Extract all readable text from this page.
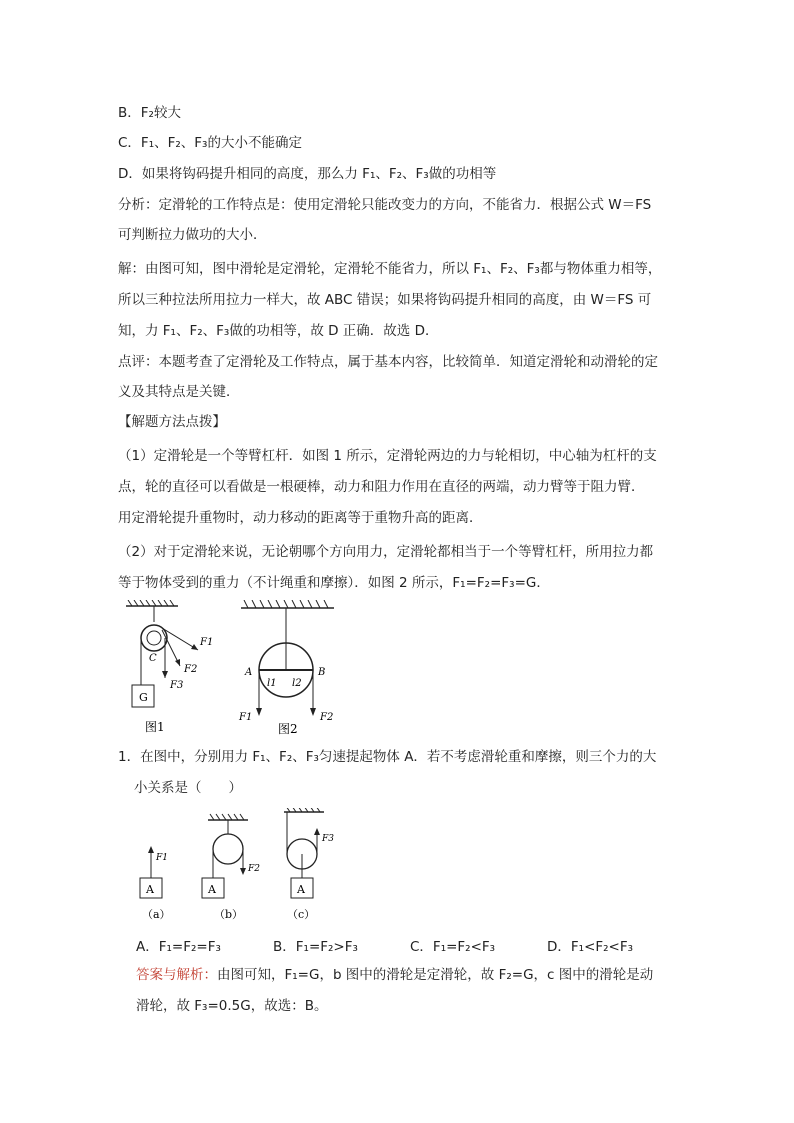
B．F₂较大
C．F₁、F₂、F₃的大小不能确定
D．如果将钩码提升相同的高度，那么力 F₁、F₂、F₃做的功相等
分析：定滑轮的工作特点是：使用定滑轮只能改变力的方向，不能省力．根据公式 W＝FS
可判断拉力做功的大小．
解：由图可知，图中滑轮是定滑轮，定滑轮不能省力，所以 F₁、F₂、F₃都与物体重力相等，
所以三种拉法所用拉力一样大，故 ABC 错误；如果将钩码提升相同的高度，由 W＝FS 可
知，力 F₁、F₂、F₃做的功相等，故 D 正确．故选 D．
点评：本题考查了定滑轮及工作特点，属于基本内容，比较简单．知道定滑轮和动滑轮的定
义及其特点是关键．
【解题方法点拨】
（1）定滑轮是一个等臂杠杆．如图 1 所示，定滑轮两边的力与轮相切，中心轴为杠杆的支
点，轮的直径可以看做是一根硬棒，动力和阻力作用在直径的两端，动力臂等于阻力臂．
用定滑轮提升重物时，动力移动的距离等于重物升高的距离．
（2）对于定滑轮来说，无论朝哪个方向用力，定滑轮都相当于一个等臂杠杆，所用拉力都
等于物体受到的重力（不计绳重和摩擦）．如图 2 所示，F₁=F₂=F₃=G．
G
C
F1
F2
F3
图1
A	B
l1 l2
F1	F2
图2
1．在图中，分别用力 F₁、F₂、F₃匀速提起物体 A．若不考虑滑轮重和摩擦，则三个力的大
小关系是（　　）
A
F1
（a）
A
F2
（b）
A
F3
（c）
A．F₁=F₂=F₃	B．F₁=F₂>F₃	C．F₁=F₂<F₃	D．F₁<F₂<F₃
答案与解析：由图可知，F₁=G，b 图中的滑轮是定滑轮，故 F₂=G，c 图中的滑轮是动
滑轮，故 F₃=0.5G，故选：B。
